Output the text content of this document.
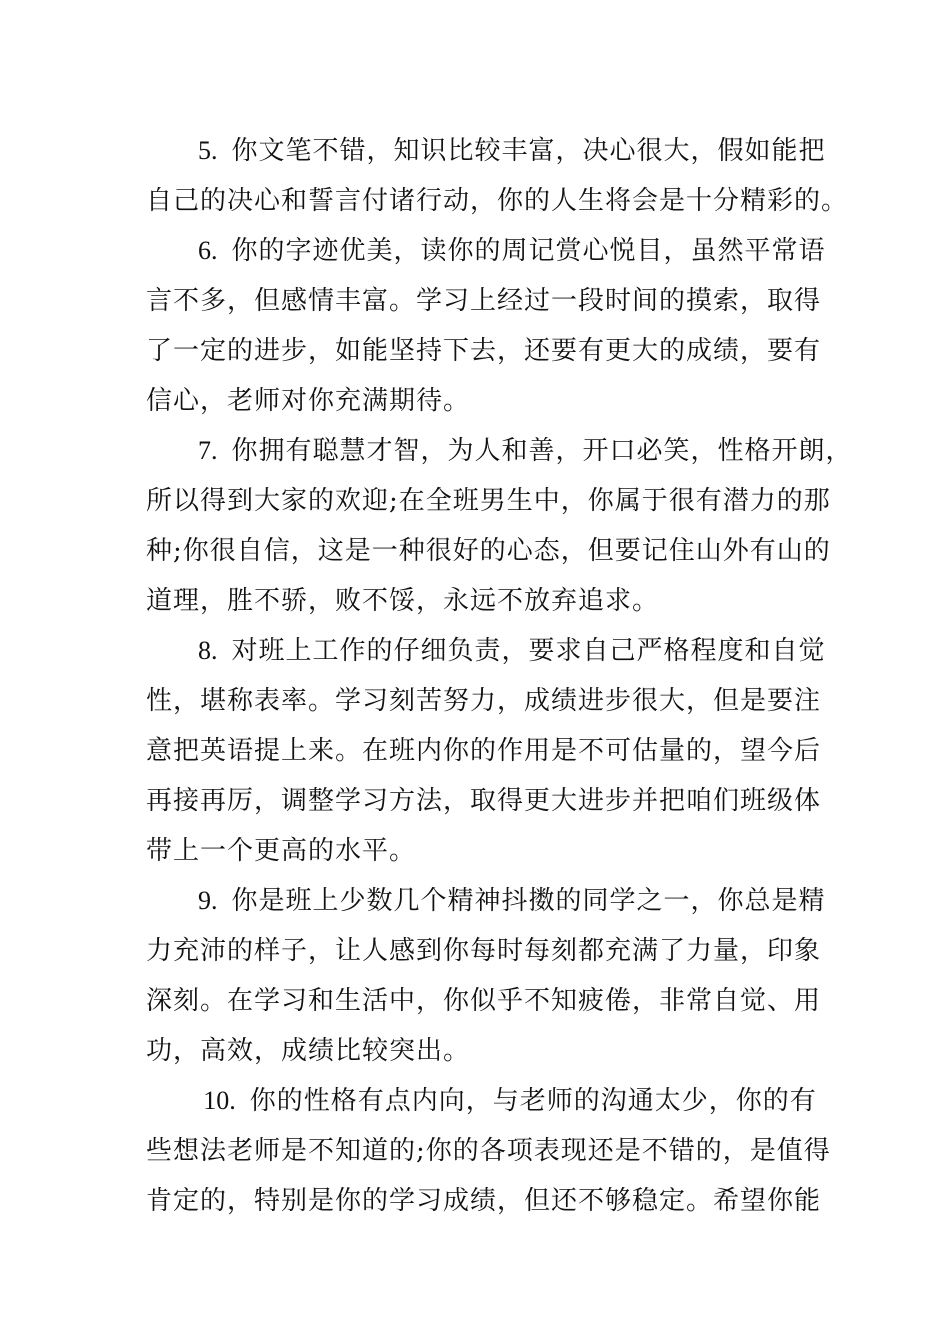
5. 你文笔不错，知识比较丰富，决心很大，假如能把
自己的决心和誓言付诸行动，你的人生将会是十分精彩的。

6. 你的字迹优美，读你的周记赏心悦目，虽然平常语
言不多，但感情丰富。学习上经过一段时间的摸索，取得
了一定的进步，如能坚持下去，还要有更大的成绩，要有
信心，老师对你充满期待。

7. 你拥有聪慧才智，为人和善，开口必笑，性格开朗，
所以得到大家的欢迎;在全班男生中，你属于很有潜力的那
种;你很自信，这是一种很好的心态，但要记住山外有山的
道理，胜不骄，败不馁，永远不放弃追求。

8. 对班上工作的仔细负责，要求自己严格程度和自觉
性，堪称表率。学习刻苦努力，成绩进步很大，但是要注
意把英语提上来。在班内你的作用是不可估量的，望今后
再接再厉，调整学习方法，取得更大进步并把咱们班级体
带上一个更高的水平。

9. 你是班上少数几个精神抖擞的同学之一，你总是精
力充沛的样子，让人感到你每时每刻都充满了力量，印象
深刻。在学习和生活中，你似乎不知疲倦，非常自觉、用
功，高效，成绩比较突出。

10. 你的性格有点内向，与老师的沟通太少，你的有
些想法老师是不知道的;你的各项表现还是不错的，是值得
肯定的，特别是你的学习成绩，但还不够稳定。希望你能
